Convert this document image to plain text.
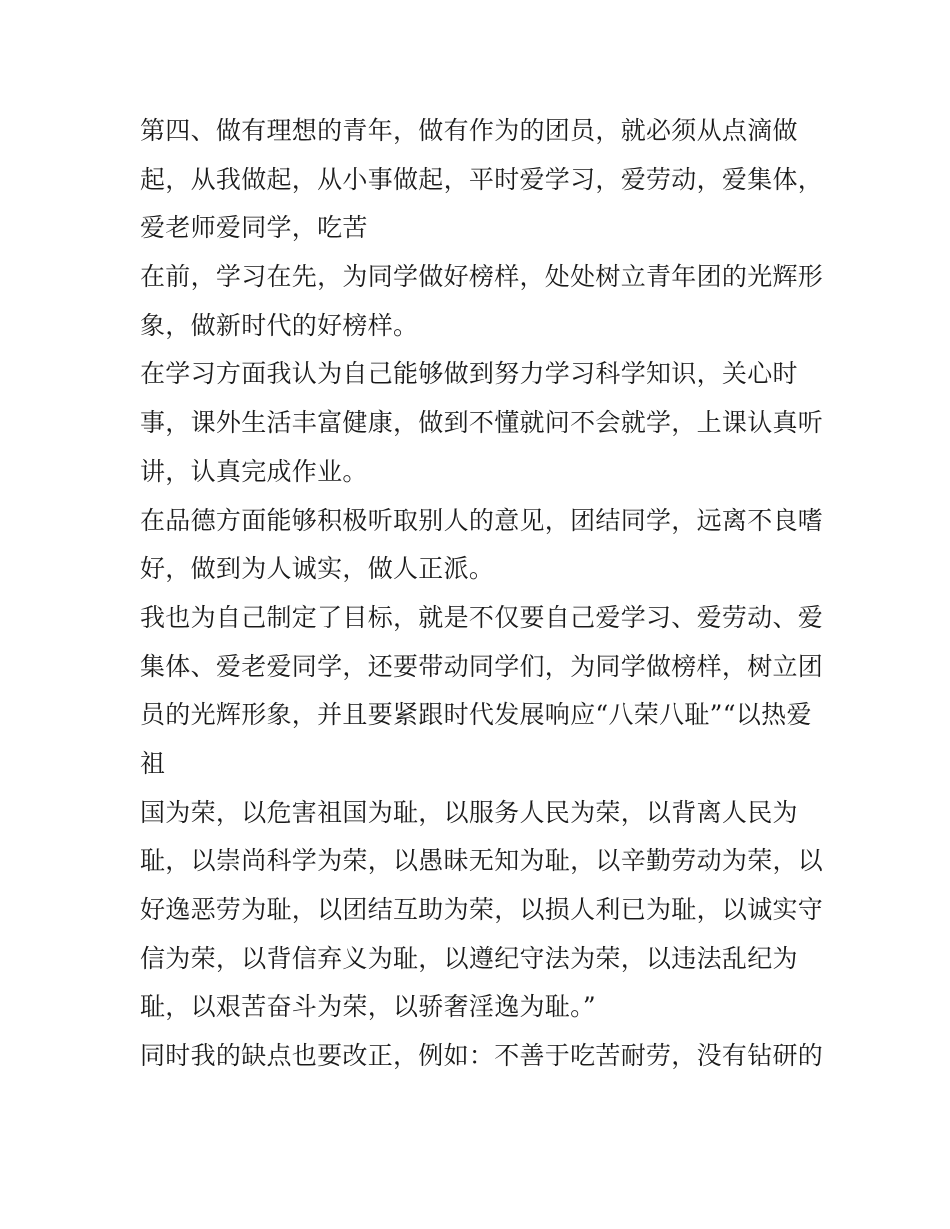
第四、做有理想的青年，做有作为的团员，就必须从点滴做
起，从我做起，从小事做起，平时爱学习，爱劳动，爱集体，
爱老师爱同学，吃苦
在前，学习在先，为同学做好榜样，处处树立青年团的光辉形
象，做新时代的好榜样。
在学习方面我认为自己能够做到努力学习科学知识，关心时
事，课外生活丰富健康，做到不懂就问不会就学，上课认真听
讲，认真完成作业。
在品德方面能够积极听取别人的意见，团结同学，远离不良嗜
好，做到为人诚实，做人正派。
我也为自己制定了目标，就是不仅要自己爱学习、爱劳动、爱
集体、爱老爱同学，还要带动同学们，为同学做榜样，树立团
员的光辉形象，并且要紧跟时代发展响应“八荣八耻”“以热爱
祖
国为荣，以危害祖国为耻，以服务人民为荣，以背离人民为
耻，以崇尚科学为荣，以愚昧无知为耻，以辛勤劳动为荣，以
好逸恶劳为耻，以团结互助为荣，以损人利已为耻，以诚实守
信为荣，以背信弃义为耻，以遵纪守法为荣，以违法乱纪为
耻，以艰苦奋斗为荣，以骄奢淫逸为耻。”
同时我的缺点也要改正，例如：不善于吃苦耐劳，没有钻研的
